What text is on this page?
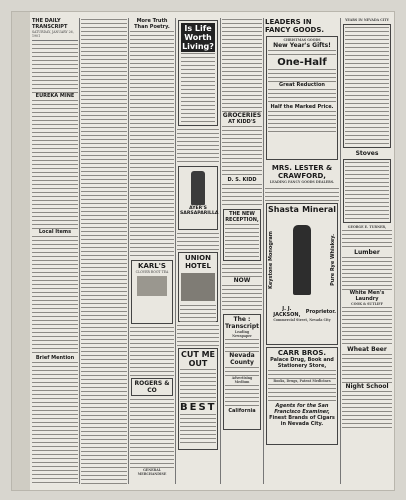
THE DAILY TRANSCRIPT
SATURDAY, JANUARY 26, 1901
EUREKA MINE
Local Items
Brief Mention
More Truth Than Poetry.
KARL'S
CLOVER ROOT TEA
ROGERS & CO
GENERAL MERCHANDISE
Is Life Worth Living?
AYER'S SARSAPARILLA
UNION HOTEL
CUT ME OUT
BEST
GROCERIES
AT KIDD'S
D. S. KIDD
THE NEW RECEPTION,
NOW
The : Transcript
Leading Newspaper
Nevada County
Advertising Medium
California
LEADERS IN FANCY GOODS.
CHRISTMAS GOODS
New Year's Gifts!
One-Half
Great Reduction
Half the Marked Price.
MRS. LESTER & CRAWFORD,
LEADING FANCY GOODS DEALERS.
Shasta Mineral
Keystone Monogram	Pure Rye Whiskey.
J. J. JACKSON,	Proprietor.
Commercial Street, Nevada City
CARR BROS.
Palace Drug, Book and Stationery Store,
Books, Drugs, Patent Medicines
Agents for the San Francisco Examiner,
Finest Brands of Cigars in Nevada City.
YEARS IN NEVADA CITY
Stoves
GEORGE E. TURNER,
Lumber
White Men's Laundry
COOK & SUTLIFF
Wheat Beer
Night School
